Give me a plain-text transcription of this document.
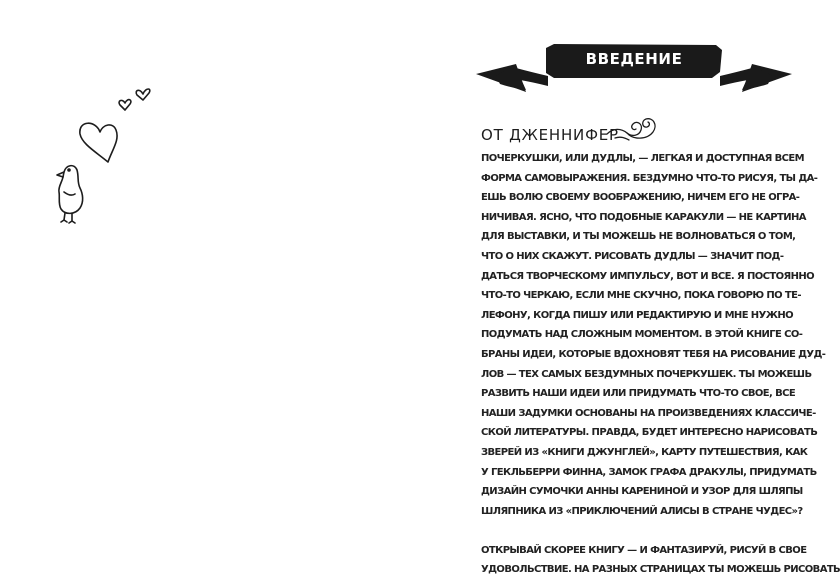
ВВЕДЕНИЕ
ОТ ДЖЕННИФЕР

ПОЧЕРКУШКИ, ИЛИ ДУДЛЫ, — ЛЕГКАЯ И ДОСТУПНАЯ ВСЕМ
ФОРМА САМОВЫРАЖЕНИЯ. БЕЗДУМНО ЧТО-ТО РИСУЯ, ТЫ ДА-
ЕШЬ ВОЛЮ СВОЕМУ ВООБРАЖЕНИЮ, НИЧЕМ ЕГО НЕ ОГРА-
НИЧИВАЯ. ЯСНО, ЧТО ПОДОБНЫЕ КАРАКУЛИ — НЕ КАРТИНА
ДЛЯ ВЫСТАВКИ, И ТЫ МОЖЕШЬ НЕ ВОЛНОВАТЬСЯ О ТОМ,
ЧТО О НИХ СКАЖУТ. РИСОВАТЬ ДУДЛЫ — ЗНАЧИТ ПОД-
ДАТЬСЯ ТВОРЧЕСКОМУ ИМПУЛЬСУ, ВОТ И ВСЕ. Я ПОСТОЯННО
ЧТО-ТО ЧЕРКАЮ, ЕСЛИ МНЕ СКУЧНО, ПОКА ГОВОРЮ ПО ТЕ-
ЛЕФОНУ, КОГДА ПИШУ ИЛИ РЕДАКТИРУЮ И МНЕ НУЖНО
ПОДУМАТЬ НАД СЛОЖНЫМ МОМЕНТОМ. В ЭТОЙ КНИГЕ СО-
БРАНЫ ИДЕИ, КОТОРЫЕ ВДОХНОВЯТ ТЕБЯ НА РИСОВАНИЕ ДУД-
ЛОВ — ТЕХ САМЫХ БЕЗДУМНЫХ ПОЧЕРКУШЕК. ТЫ МОЖЕШЬ
РАЗВИТЬ НАШИ ИДЕИ ИЛИ ПРИДУМАТЬ ЧТО-ТО СВОЕ, ВСЕ
НАШИ ЗАДУМКИ ОСНОВАНЫ НА ПРОИЗВЕДЕНИЯХ КЛАССИЧЕ-
СКОЙ ЛИТЕРАТУРЫ. ПРАВДА, БУДЕТ ИНТЕРЕСНО НАРИСОВАТЬ
ЗВЕРЕЙ ИЗ «КНИГИ ДЖУНГЛЕЙ», КАРТУ ПУТЕШЕСТВИЯ, КАК
У ГЕКЛЬБЕРРИ ФИННА, ЗАМОК ГРАФА ДРАКУЛЫ, ПРИДУМАТЬ
ДИЗАЙН СУМОЧКИ АННЫ КАРЕНИНОЙ И УЗОР ДЛЯ ШЛЯПЫ
ШЛЯПНИКА ИЗ «ПРИКЛЮЧЕНИЙ АЛИСЫ В СТРАНЕ ЧУДЕС»?

ОТКРЫВАЙ СКОРЕЕ КНИГУ — И ФАНТАЗИРУЙ, РИСУЙ В СВОЕ
УДОВОЛЬСТВИЕ. НА РАЗНЫХ СТРАНИЦАХ ТЫ МОЖЕШЬ РИСОВАТЬ
